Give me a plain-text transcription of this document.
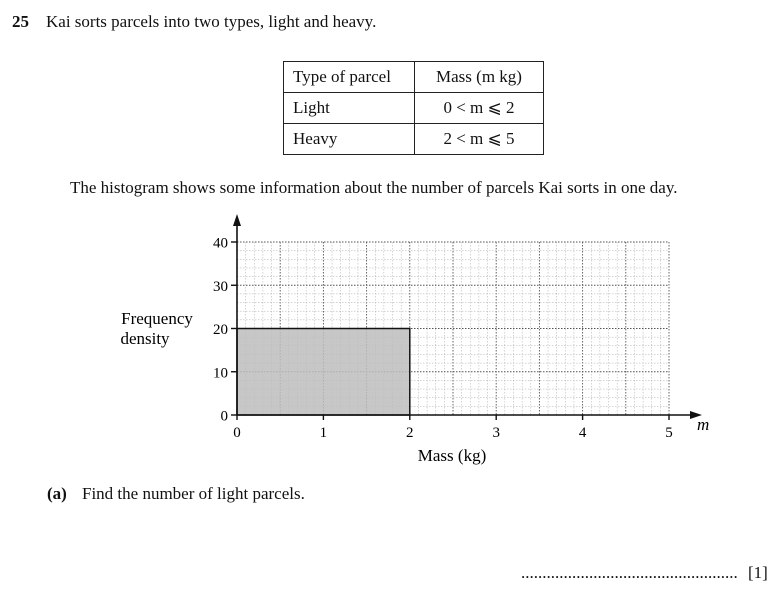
25 Kai sorts parcels into two types, light and heavy.
Type of parcel	Mass (m kg)
Light	0 < m ⩽ 2
Heavy	2 < m ⩽ 5
The histogram shows some information about the number of parcels Kai sorts in one day.
0
10
20
30
40
0	1	2	3	4	5
Frequency
density
Mass (kg)
m
(a) Find the number of light parcels.
................................................... [1]
